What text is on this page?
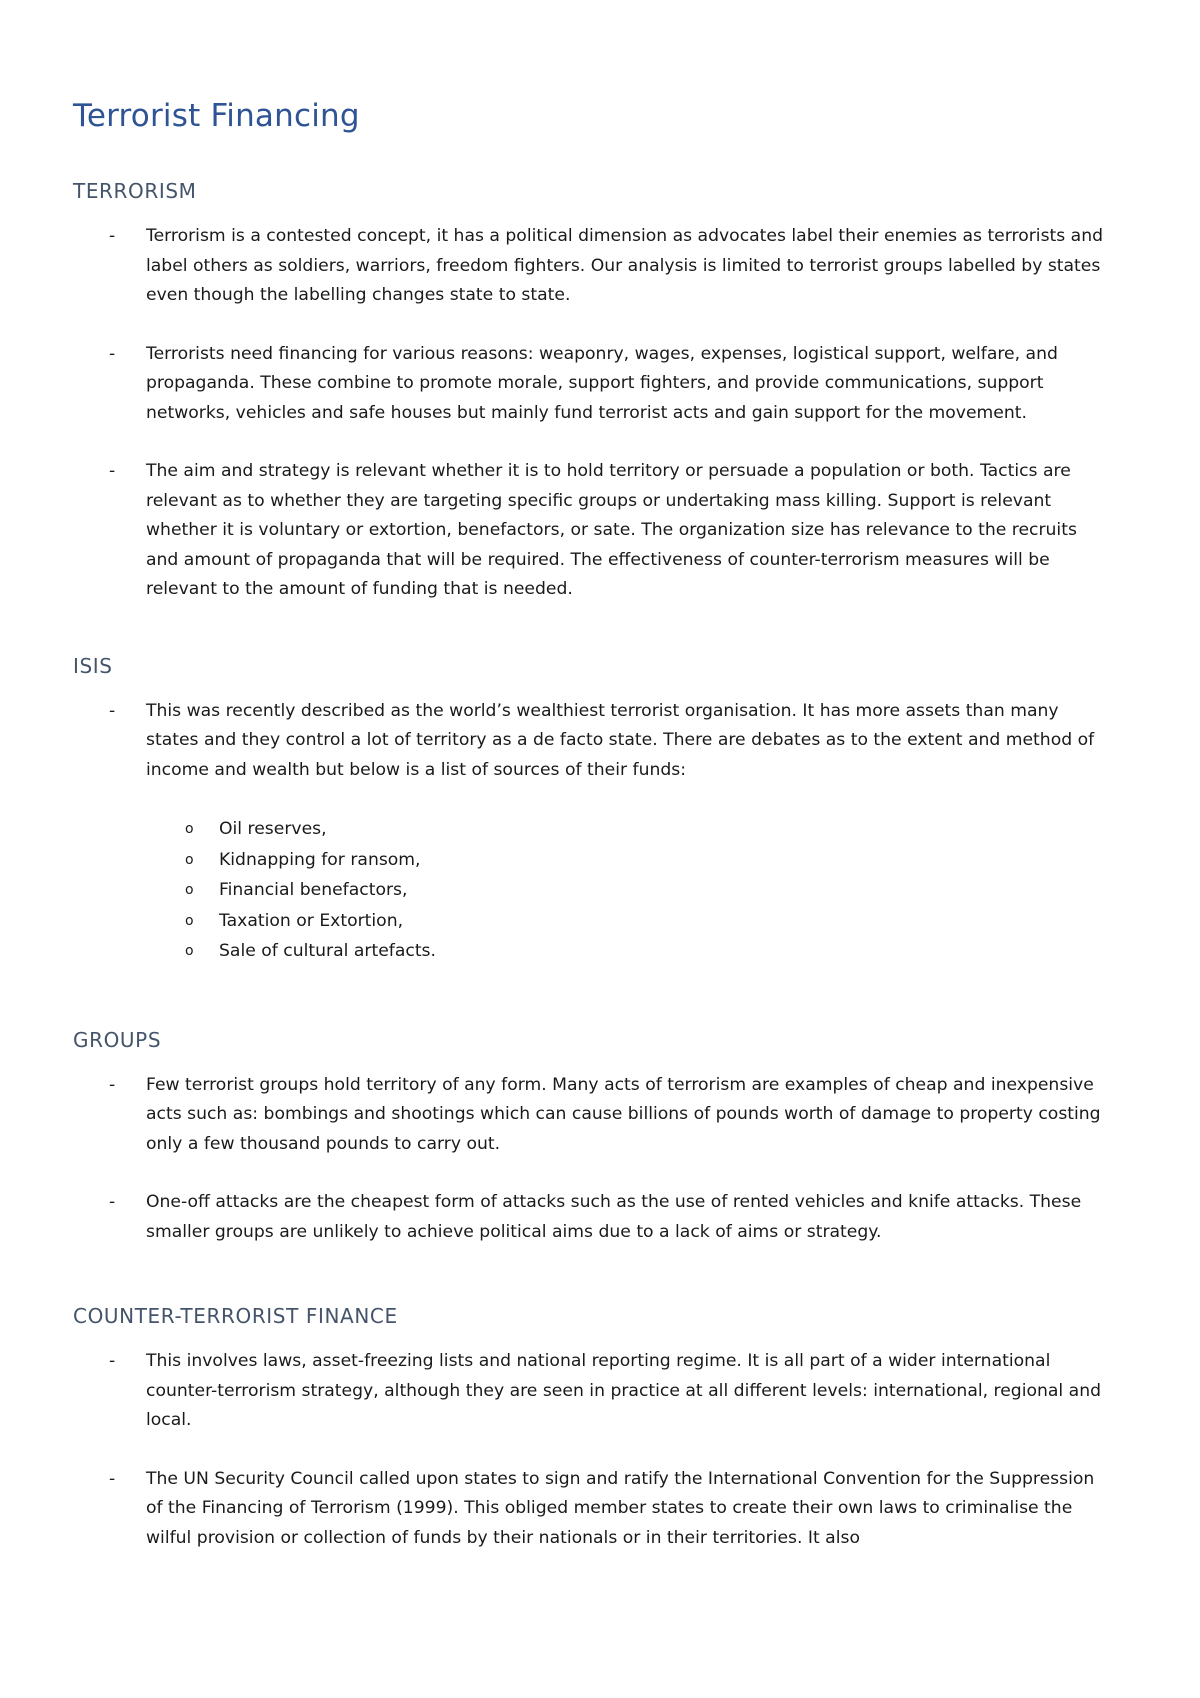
Terrorist Financing
TERRORISM
- Terrorism is a contested concept, it has a political dimension as advocates label their enemies as terrorists and label others as soldiers, warriors, freedom fighters. Our analysis is limited to terrorist groups labelled by states even though the labelling changes state to state.
- Terrorists need financing for various reasons: weaponry, wages, expenses, logistical support, welfare, and propaganda. These combine to promote morale, support fighters, and provide communications, support networks, vehicles and safe houses but mainly fund terrorist acts and gain support for the movement.
- The aim and strategy is relevant whether it is to hold territory or persuade a population or both. Tactics are relevant as to whether they are targeting specific groups or undertaking mass killing. Support is relevant whether it is voluntary or extortion, benefactors, or sate. The organization size has relevance to the recruits and amount of propaganda that will be required. The effectiveness of counter-terrorism measures will be relevant to the amount of funding that is needed.
ISIS
- This was recently described as the world’s wealthiest terrorist organisation. It has more assets than many states and they control a lot of territory as a de facto state. There are debates as to the extent and method of income and wealth but below is a list of sources of their funds:
o Oil reserves,
o Kidnapping for ransom,
o Financial benefactors,
o Taxation or Extortion,
o Sale of cultural artefacts.
GROUPS
- Few terrorist groups hold territory of any form. Many acts of terrorism are examples of cheap and inexpensive acts such as: bombings and shootings which can cause billions of pounds worth of damage to property costing only a few thousand pounds to carry out.
- One-off attacks are the cheapest form of attacks such as the use of rented vehicles and knife attacks. These smaller groups are unlikely to achieve political aims due to a lack of aims or strategy.
COUNTER-TERRORIST FINANCE
- This involves laws, asset-freezing lists and national reporting regime. It is all part of a wider international counter-terrorism strategy, although they are seen in practice at all different levels: international, regional and local.
- The UN Security Council called upon states to sign and ratify the International Convention for the Suppression of the Financing of Terrorism (1999). This obliged member states to create their own laws to criminalise the wilful provision or collection of funds by their nationals or in their territories. It also
